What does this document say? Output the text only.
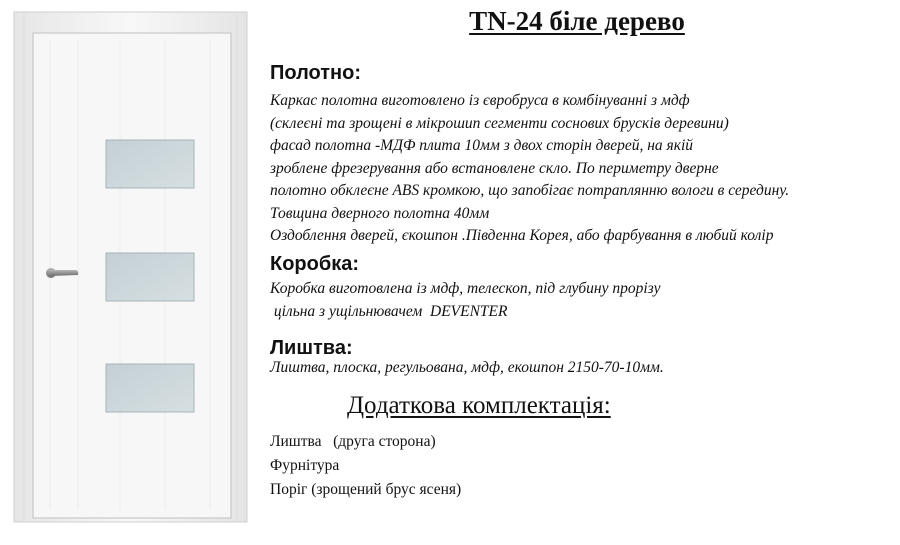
TN-24 біле дерево
Полотно:
Каркас полотна виготовлено із євробруса в комбінуванні з мдф
(склеєні та зрощені в мікрошип сегменти соснових брусків деревини)
фасад полотна -МДФ плита 10мм з двох сторін дверей, на якій
зроблене фрезерування або встановлене скло. По периметру дверне
полотно обклеєне ABS кромкою, що запобігає потраплянню вологи в середину.
Товщина дверного полотна 40мм
Оздоблення дверей, єкошпон .Південна Корея, або фарбування в любий колір
Коробка:
Коробка виготовлена із мдф, телескоп, під глубину прорізу
цільна з ущільнювачем  DEVENTER
Лиштва:
Лиштва, плоска, регульована, мдф, екошпон 2150-70-10мм.
Додаткова комплектація:
Лиштва   (друга сторона)
Фурнітура
Поріг (зрощений брус ясеня)
